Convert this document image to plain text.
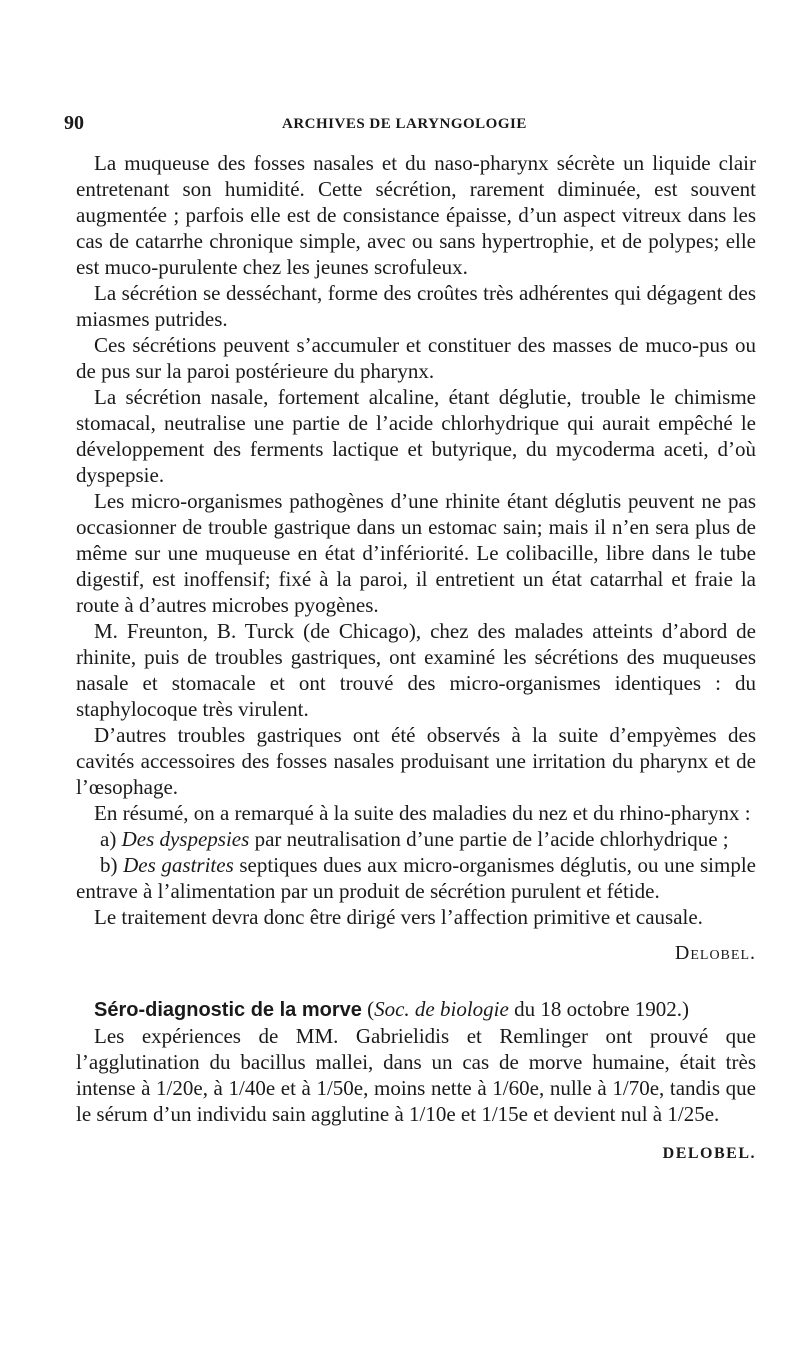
90	ARCHIVES DE LARYNGOLOGIE

La muqueuse des fosses nasales et du naso-pharynx sécrète un liquide clair entretenant son humidité. Cette sécrétion, rarement diminuée, est souvent augmentée ; parfois elle est de consistance épaisse, d’un aspect vitreux dans les cas de catarrhe chronique simple, avec ou sans hypertrophie, et de polypes; elle est muco-purulente chez les jeunes scrofuleux.

La sécrétion se desséchant, forme des croûtes très adhérentes qui dégagent des miasmes putrides.

Ces sécrétions peuvent s’accumuler et constituer des masses de muco-pus ou de pus sur la paroi postérieure du pharynx.

La sécrétion nasale, fortement alcaline, étant déglutie, trouble le chimisme stomacal, neutralise une partie de l’acide chlorhydrique qui aurait empêché le développement des ferments lactique et butyrique, du mycoderma aceti, d’où dyspepsie.

Les micro-organismes pathogènes d’une rhinite étant déglutis peuvent ne pas occasionner de trouble gastrique dans un estomac sain; mais il n’en sera plus de même sur une muqueuse en état d’infériorité. Le colibacille, libre dans le tube digestif, est inoffensif; fixé à la paroi, il entretient un état catarrhal et fraie la route à d’autres microbes pyogènes.

M. Freunton, B. Turck (de Chicago), chez des malades atteints d’abord de rhinite, puis de troubles gastriques, ont examiné les sécrétions des muqueuses nasale et stomacale et ont trouvé des micro-organismes identiques : du staphylocoque très virulent.

D’autres troubles gastriques ont été observés à la suite d’empyèmes des cavités accessoires des fosses nasales produisant une irritation du pharynx et de l’œsophage.

En résumé, on a remarqué à la suite des maladies du nez et du rhino-pharynx :

a) Des dyspepsies par neutralisation d’une partie de l’acide chlorhydrique ;

b) Des gastrites septiques dues aux micro-organismes déglutis, ou une simple entrave à l’alimentation par un produit de sécrétion purulent et fétide.

Le traitement devra donc être dirigé vers l’affection primitive et causale.

Delobel.

Séro-diagnostic de la morve (Soc. de biologie du 18 octobre 1902.)

Les expériences de MM. Gabrielidis et Remlinger ont prouvé que l’agglutination du bacillus mallei, dans un cas de morve humaine, était très intense à 1/20e, à 1/40e et à 1/50e, moins nette à 1/60e, nulle à 1/70e, tandis que le sérum d’un individu sain agglutine à 1/10e et 1/15e et devient nul à 1/25e.

DELOBEL.
